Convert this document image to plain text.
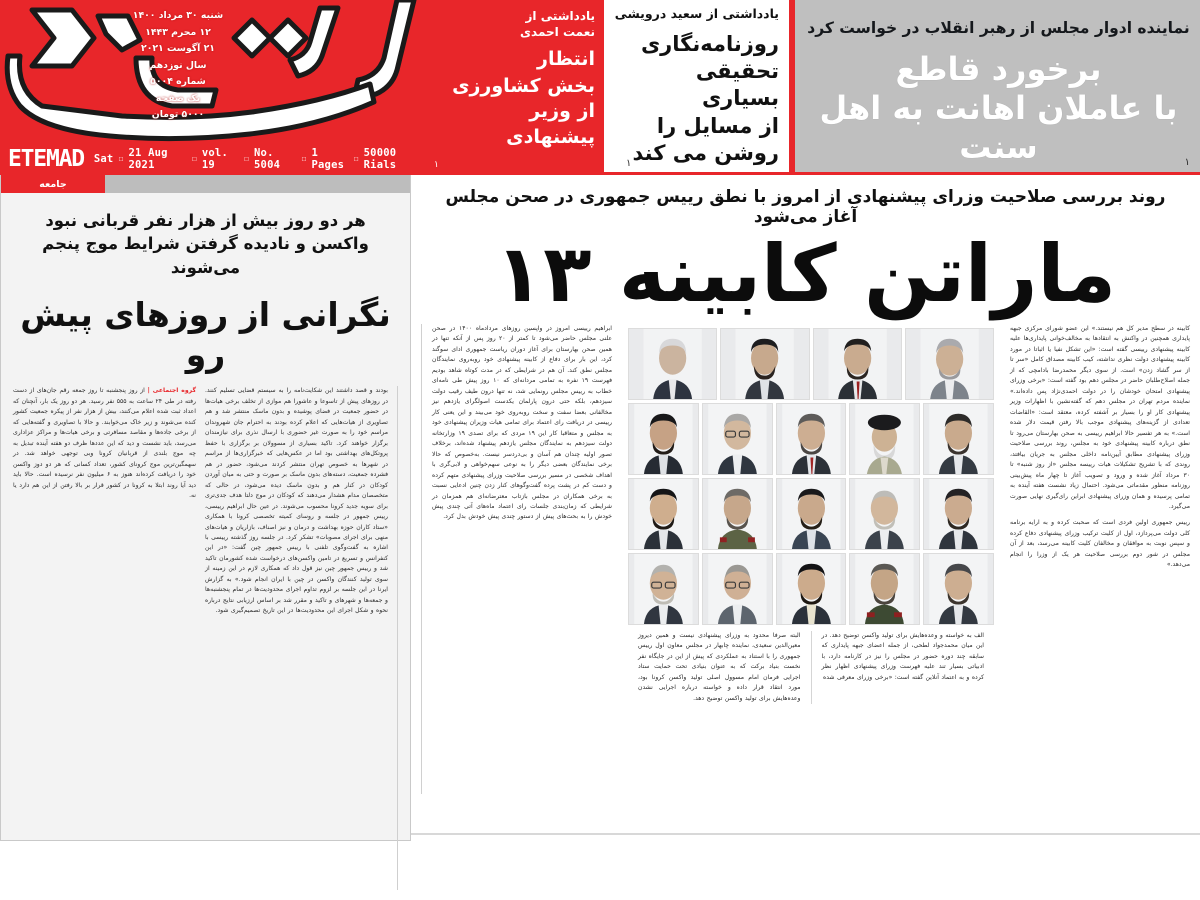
شنبه ۳۰ مرداد ۱۴۰۰
۱۲ محرم ۱۴۴۳
۲۱ آگوست ۲۰۲۱
سال نوزدهم
شماره ۵۰۰۴
یک صفحه
۵۰۰۰ تومان
ETEMAD Sat ☐ 21 Aug 2021
☐ vol. 19
☐ No. 5004
☐ 1 Pages
☐ 50000 Rials
یادداشتی از
نعمت احمدی
انتظار
بخش کشاورزی
از وزیر پیشنهادی
۱
یادداشتی از سعید درویشی
روزنامه‌نگاری
تحقیقی بسیاری
از مسایل را
روشن می کند
۱
نماینده ادوار مجلس از رهبر انقلاب در خواست کرد
برخورد قاطع
با عاملان اهانت به اهل سنت	۱
جامعه
هر دو روز بیش از هزار نفر قربانی نبود واکسن و نادیده گرفتن شرایط موج پنجم می‌شوند
نگرانی از روزهای پیش رو
گروه اجتماعی | از روز پنجشنبه تا روز جمعه رقم جان‌های از دست رفته در طی ۲۴ ساعت به ۵۵۵ نفر رسید. هر دو روز یک بار، آنچنان که اعداد ثبت شده اعلام می‌کنند، بیش از هزار نفر از پیکره جمعیت کشور کنده می‌شوند و زیر خاک می‌خوابند. و حالا با تصاویری و گفته‌هایی که از برخی جاده‌ها و مقاصد مسافرتی و برخی هیات‌ها و مراکز عزاداری می‌رسد، باید نشست و دید که این عددها ظرف دو هفته آینده تبدیل به چه موج بلندی از قربانیان کرونا وبی توجهی خواهد شد. در سهمگین‌ترین موج کرونای کشور، تعداد کسانی که هر دو دوز واکسن خود را دریافت کرده‌اند هنوز به ۶ میلیون نفر نرسیده است. حالا باید دید آیا روند ابتلا به کرونا در کشور قرار بر بالا رفتن از این هم دارد یا نه.
بودند و قصد داشتند این شکایت‌نامه را به سیستم قضایی تسلیم کنند. در روزهای پیش از تاسوعا و عاشورا هم موازی از تخلف برخی هیات‌ها در حضور جمعیت در فضای پوشیده و بدون ماسک منتشر شد و هم تصاویری از هیات‌هایی که اعلام کرده بودند به احترام جان شهروندان مراسم خود را به صورت غیر حضوری با ارسال نذری برای نیازمندان برگزار خواهند کرد. تاکید بسیاری از مسوولان بر برگزاری با حفظ پروتکل‌های بهداشتی بود اما در عکس‌هایی که خبرگزاری‌ها از مراسم در شهرها به خصوص تهران منتشر کردند می‌شود، حضور در هم فشرده جمعیت، دسته‌های بدون ماسک بر صورت و حتی به میان آوردن کودکان در کنار هم و بدون ماسک دیده می‌شود، در حالی که متخصصان مدام هشدار می‌دهند که کودکان در موج دلتا هدف جدی‌تری برای سویه جدید کرونا محسوب می‌شوند. در عین حال ابراهیم رییسی، رییس جمهور در جلسه و روسای کمیته تخصصی کرونا با همکاری «ستاد کاران حوزه بهداشت و درمان و نیز اصناف، بازاریان و هیات‌های منهی برای اجرای مصوبات» تشکر کرد. در جلسه روز گذشته رییسی با اشاره به گفت‌وگوی تلفنی با رییس جمهور چین گفت: «در این کنفرانس و تسریع در تامین واکسن‌های درخواست شده کشورمان تاکید شد و رییس جمهور چین نیز قول داد که همکاری لازم در این زمینه از سوی تولید کنندگان واکسن در چین با ایران انجام شود.» به گزارش ایرنا در این جلسه بر لزوم تداوم اجرای محدودیت‌ها در تمام پنجشنبه‌ها و جمعه‌ها و شهرهای و تاکید و مقرر شد بر اساس ارزیابی نتایج درباره نحوه و شکل اجرای این محدودیت‌ها در این تاریخ تصمیم‌گیری شود.
روند بررسی صلاحیت وزرای پیشنهادی از امروز با نطق رییس جمهوری در صحن مجلس آغاز می‌شود
ماراتن کابینه ۱۳
ابراهیم رییسی امروز در واپسین روزهای مردادماه ۱۴۰۰ در صحن علنی مجلس حاضر می‌شود تا کمتر از ۲۰ روز پس از آنکه تنها در همین صحن بهارستان برای آغاز دوران ریاست جمهوری ادای سوگند کرد، این بار برای دفاع از کابینه پیشنهادی خود روبه‌روی نمایندگان مجلس نطق کند. آن هم در شرایطی که در مدت کوتاه شاهد بودیم فهرست ۱۹ نفره به تمامی مردانه‌ای که ۱۰ روز پیش طی نامه‌ای خطاب به رییس مجلس رونمایی شد، نه تنها درون طیف رقیب دولت سیزدهم، بلکه حتی درون پارلمان یکدست اصولگرای یازدهم نیز مخالفانی بعضا سفت و سخت روبه‌روی خود می‌بیند و این یعنی کار رییسی در دریافت رای اعتماد برای تمامی هیات وزیران پیشنهادی خود به مجلس و متعاقبا کار این ۱۹ مردی که برای تصدی ۱۹ وزارتخانه دولت سیزدهم به نمایندگان مجلس یازدهم پیشنهاد شده‌اند، برخلاف تصور اولیه چندان هم آسان و بی‌دردسر نیست. به‌خصوص که حالا برخی نمایندگان بعضی دیگر را به نوعی سهم‌خواهی و لابی‌گری با اهداف شخصی در مسیر بررسی صلاحیت وزرای پیشنهادی متهم کرده و دست کم در پشت پرده گفت‌وگوهای کنار زدن چنین ادعایی نسبت به برخی همکاران در مجلس بازتاب معترضانه‌ای هم همزمان در شرایطی که زمان‌بندی جلسات رای اعتماد ماه‌های آتی چندی پیش خودش را به بحث‌های پیش از دستور چندی پیش خودش بدل کرد.
البته صرفا محدود به وزرای پیشنهادی نیست و همین دیروز معین‌الدین سعیدی، نماینده چابهار در مجلس معاون اول رییس جمهوری را با استناد به عملکردی که پیش از این در جایگاه نفر نخست بنیاد برکت که به عنوان بنیادی تحت حمایت ستاد اجرایی فرمان امام مسوول اصلی تولید واکسن کرونا بود، مورد انتقاد قرار داده و خواسته درباره اجرایی نشدن وعده‌هایش برای تولید واکسن توضیح دهد.
الف به خواسته و وعده‌هایش برای تولید واکسن توضیح دهد. در این میان محمدجواد لطحی، از جمله اعضای جبهه پایداری که سابقه چند دوره حضور در مجلس را نیز در کارنامه دارد، با ادبیاتی بسیار تند علیه فهرست وزرای پیشنهادی اظهار نظر کرده و به اعتماد آنلاین گفته است: «برخی وزرای معرفی شده
کابینه در سطح مدیر کل هم نیستند.» این عضو شورای مرکزی جبهه پایداری همچنین در واکنش به انتقادها به مخالف‌خوانی پایداری‌ها علیه کابینه پیشنهادی رییسی گفته است: «این تشکل نفیا یا اثباتا در مورد کابینه پیشنهادی دولت نظری نداشته، کیب کابینه مصداق کامل «سر تا از سر گشاد زدن» است. از سوی دیگر محمدرضا بادامچی که از جمله اصلاح‌طلبان حاضر در مجلس دهم بود گفته است: «برخی وزرای پیشنهادی امتحان خودشان را در دولت احمدی‌نژاد پس داده‌اند.» نماینده مردم تهران در مجلس دهم که گفته‌نشین با اظهارات وزیر پیشنهادی کار او را بسیار بر آشفته کرده، معتقد است: «القاضات تعدادی از گزینه‌های پیشنهادی موجب بالا رفتن قیمت دلار شده است.» به هر تفسیر حالا ابراهیم رییسی به صحن بهارستان می‌رود تا نطق درباره کابینه پیشنهادی خود به مجلس، روند بررسی صلاحیت وزرای پیشنهادی مطابق آیین‌نامه داخلی مجلس به جریان بیافتد، روندی که با تشریح تشکیلات هیات رییسه مجلس «از روز شنبه» تا ۳۰ مرداد آغاز شده و ورود و تصویب آغاز تا چهار ماه پیش‌بینی روزنامه منظور مقدماتی می‌شود. احتمال زیاد نشست هفته آینده به تمامی پرسیده و همان وزرای پیشنهادی ابراین رای‌گیری نهایی صورت می‌گیرد.
رییس جمهوری اولین فردی است که صحبت کرده و به ارایه برنامه کلی دولت می‌پردازد، اول از کلیت ترکیب وزرای پیشنهادی دفاع کرده و سپس نوبت به موافقان و مخالفان کلیت کابینه می‌رسد، بعد از آن مجلس در شور دوم بررسی صلاحیت هر یک از وزرا را انجام می‌دهد.»
